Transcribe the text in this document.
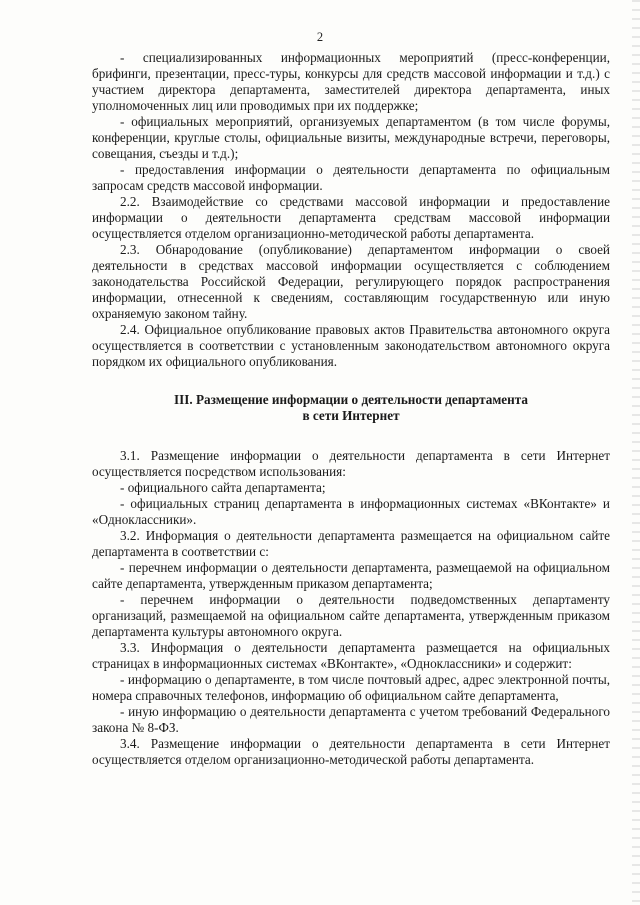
2

- специализированных информационных мероприятий (пресс-конференции, брифинги, презентации, пресс-туры, конкурсы для средств массовой информации и т.д.) с участием директора департамента, заместителей директора департамента, иных уполномоченных лиц или проводимых при их поддержке;

- официальных мероприятий, организуемых департаментом (в том числе форумы, конференции, круглые столы, официальные визиты, международные встречи, переговоры, совещания, съезды и т.д.);

- предоставления информации о деятельности департамента по официальным запросам средств массовой информации.

2.2. Взаимодействие со средствами массовой информации и предоставление информации о деятельности департамента средствам массовой информации осуществляется отделом организационно-методической работы департамента.

2.3. Обнародование (опубликование) департаментом информации о своей деятельности в средствах массовой информации осуществляется с соблюдением законодательства Российской Федерации, регулирующего порядок распространения информации, отнесенной к сведениям, составляющим государственную или иную охраняемую законом тайну.

2.4. Официальное опубликование правовых актов Правительства автономного округа осуществляется в соответствии с установленным законодательством автономного округа порядком их официального опубликования.

III. Размещение информации о деятельности департамента
в сети Интернет

3.1. Размещение информации о деятельности департамента в сети Интернет осуществляется посредством использования:

- официального сайта департамента;

- официальных страниц департамента в информационных системах «ВКонтакте» и «Одноклассники».

3.2. Информация о деятельности департамента размещается на официальном сайте департамента в соответствии с:

- перечнем информации о деятельности департамента, размещаемой на официальном сайте департамента, утвержденным приказом департамента;

- перечнем информации о деятельности подведомственных департаменту организаций, размещаемой на официальном сайте департамента, утвержденным приказом департамента культуры автономного округа.

3.3. Информация о деятельности департамента размещается на официальных страницах в информационных системах «ВКонтакте», «Одноклассники» и содержит:

- информацию о департаменте, в том числе почтовый адрес, адрес электронной почты, номера справочных телефонов, информацию об официальном сайте департамента,

- иную информацию о деятельности департамента с учетом требований Федерального закона № 8-ФЗ.

3.4. Размещение информации о деятельности департамента в сети Интернет осуществляется отделом организационно-методической работы департамента.
